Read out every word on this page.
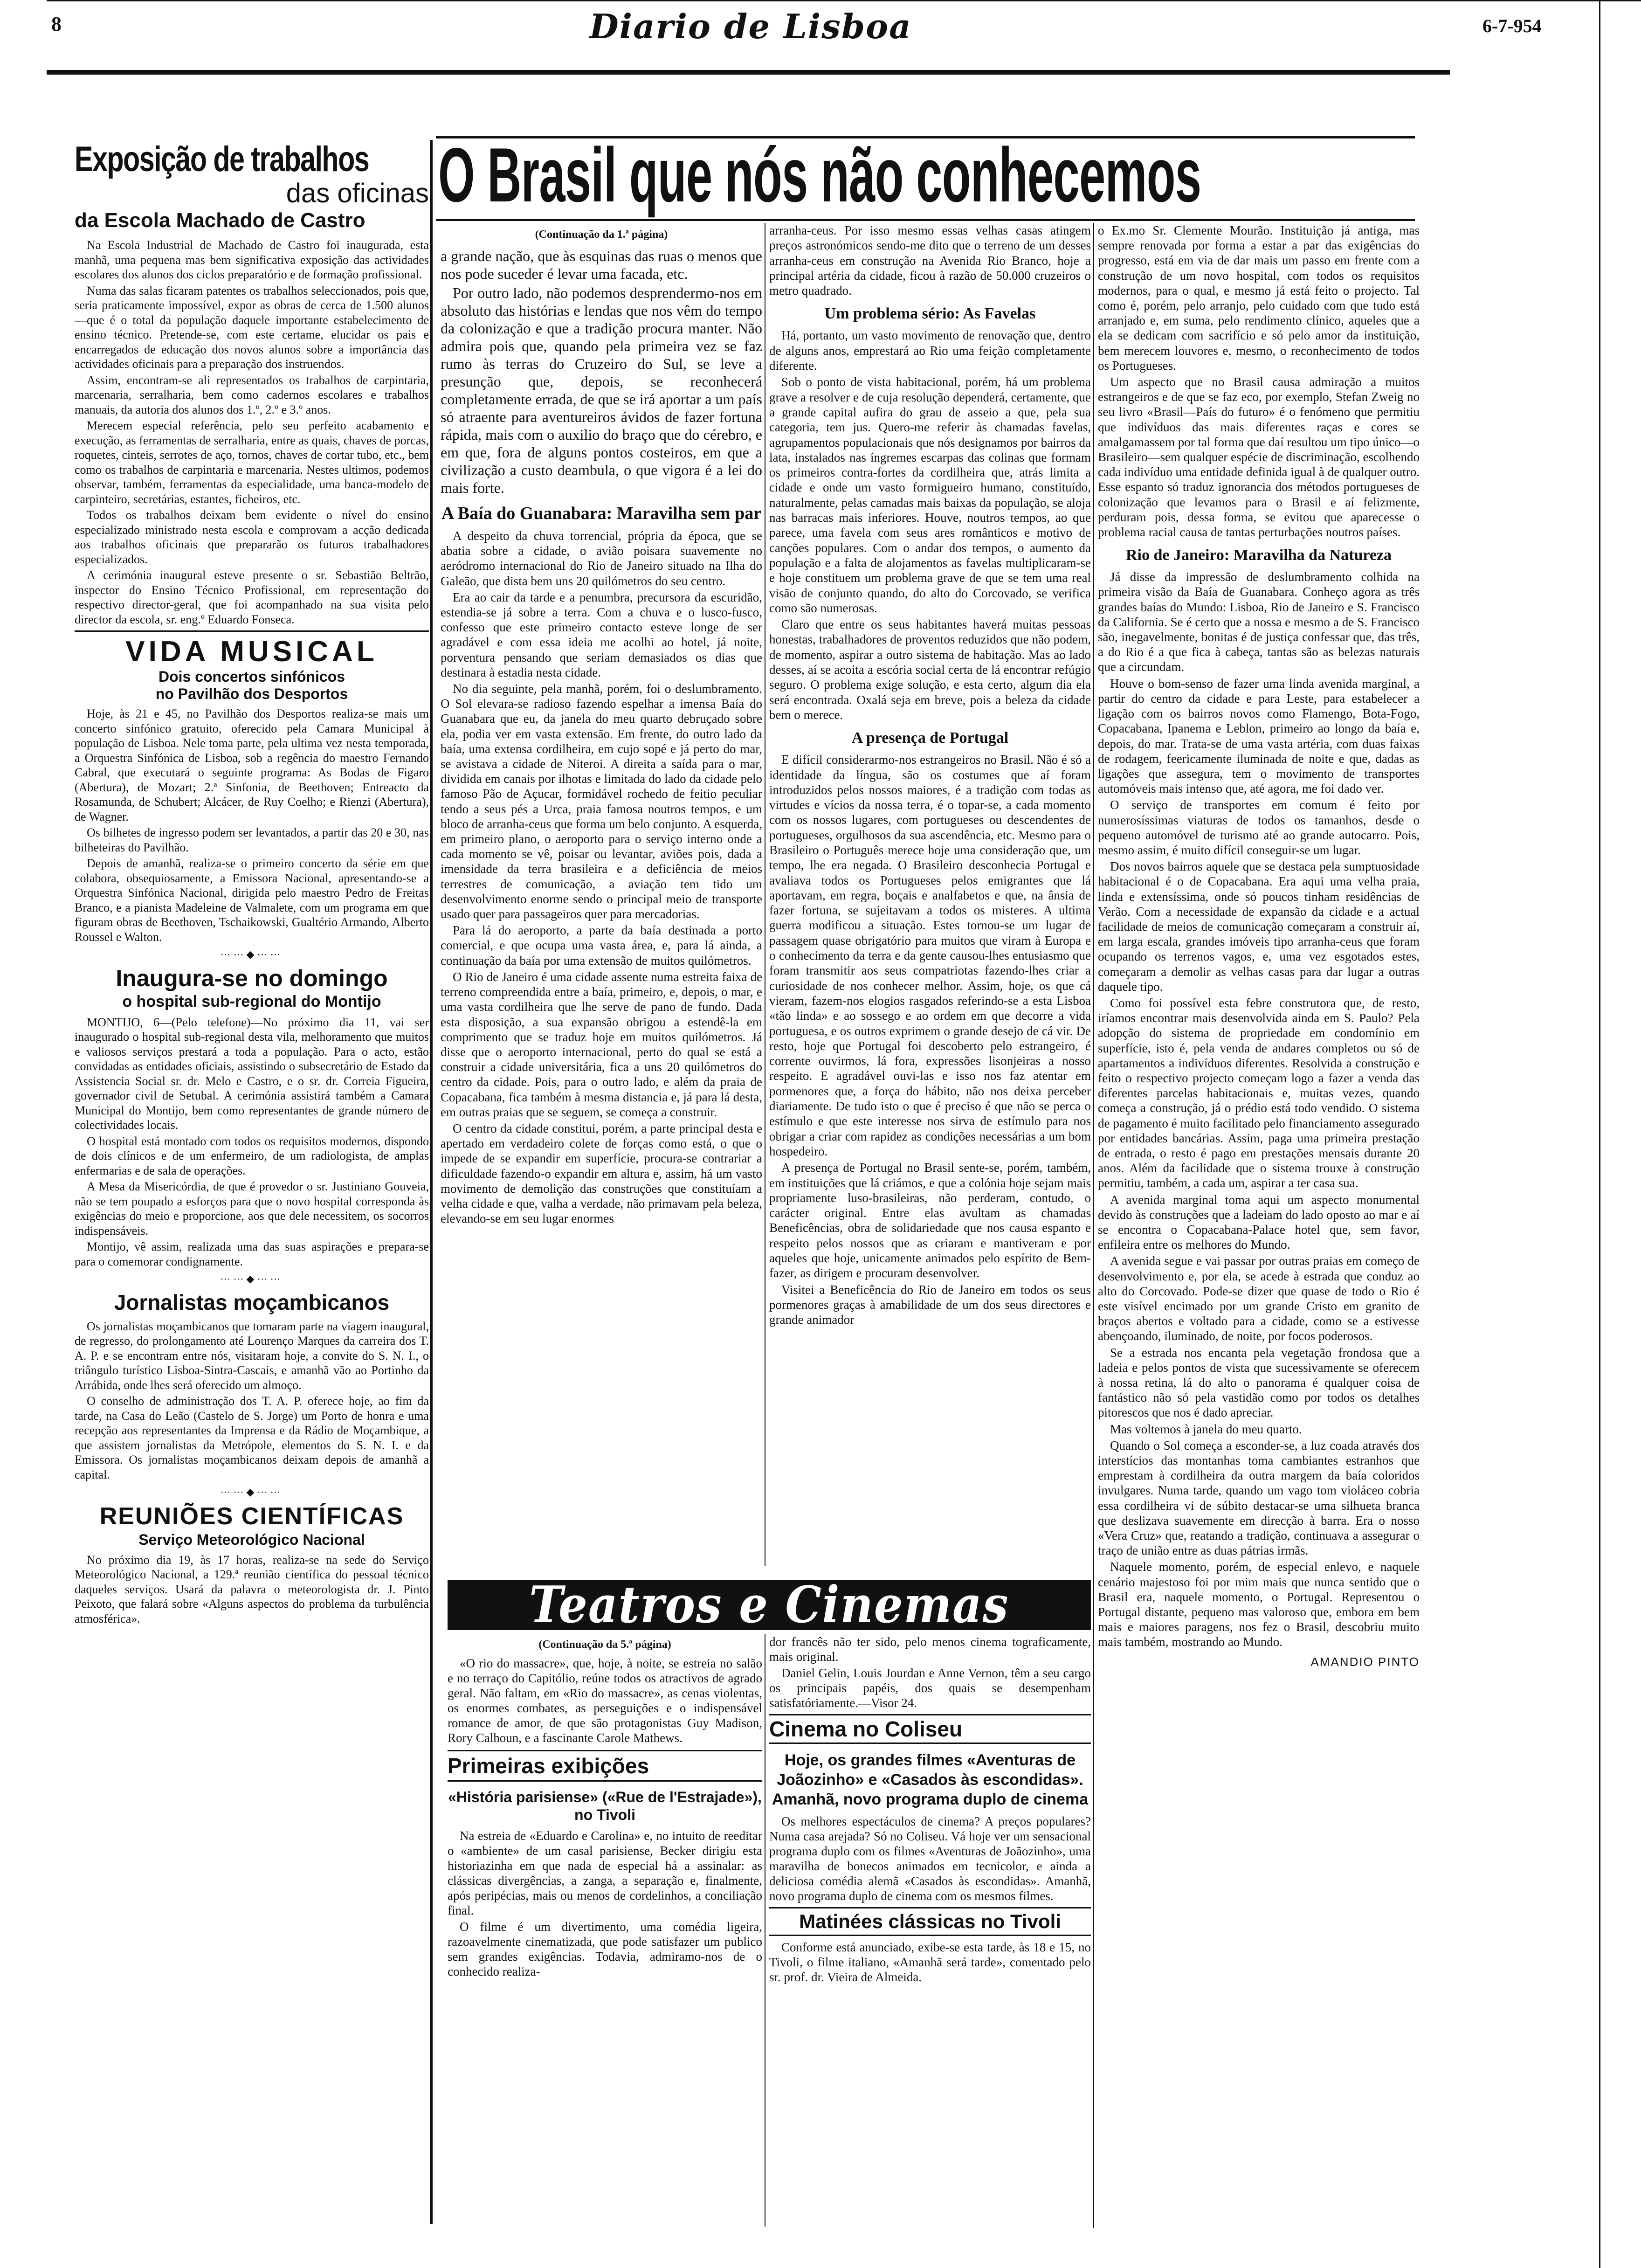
8	Diario de Lisboa	6-7-954
Exposição de trabalhos
das oficinas
da Escola Machado de Castro

Na Escola Industrial de Machado de Castro foi inaugurada, esta manhã, uma pequena mas bem significativa exposição das actividades escolares dos alunos dos ciclos preparatório e de formação profissional.

Numa das salas ficaram patentes os trabalhos seleccionados, pois que, seria praticamente impossível, expor as obras de cerca de 1.500 alunos—que é o total da população daquele importante estabelecimento de ensino técnico. Pretende-se, com este certame, elucidar os pais e encarregados de educação dos novos alunos sobre a importância das actividades oficinais para a preparação dos instruendos.

Assim, encontram-se ali representados os trabalhos de carpintaria, marcenaria, serralharia, bem como cadernos escolares e trabalhos manuais, da autoria dos alunos dos 1.º, 2.º e 3.º anos.

Merecem especial referência, pelo seu perfeito acabamento e execução, as ferramentas de serralharia, entre as quais, chaves de porcas, roquetes, cinteis, serrotes de aço, tornos, chaves de cortar tubo, etc., bem como os trabalhos de carpintaria e marcenaria. Nestes ultimos, podemos observar, também, ferramentas da especialidade, uma banca-modelo de carpinteiro, secretárias, estantes, ficheiros, etc.

Todos os trabalhos deixam bem evidente o nível do ensino especializado ministrado nesta escola e comprovam a acção dedicada aos trabalhos oficinais que prepararão os futuros trabalhadores especializados.

A cerimónia inaugural esteve presente o sr. Sebastião Beltrão, inspector do Ensino Técnico Profissional, em representação do respectivo director-geral, que foi acompanhado na sua visita pelo director da escola, sr. eng.º Eduardo Fonseca.

VIDA MUSICAL
Dois concertos sinfónicos
no Pavilhão dos Desportos

Hoje, às 21 e 45, no Pavilhão dos Desportos realiza-se mais um concerto sinfónico gratuito, oferecido pela Camara Municipal à população de Lisboa. Nele toma parte, pela ultima vez nesta temporada, a Orquestra Sinfónica de Lisboa, sob a regência do maestro Fernando Cabral, que executará o seguinte programa: As Bodas de Figaro (Abertura), de Mozart; 2.ª Sinfonia, de Beethoven; Entreacto da Rosamunda, de Schubert; Alcácer, de Ruy Coelho; e Rienzi (Abertura), de Wagner.

Os bilhetes de ingresso podem ser levantados, a partir das 20 e 30, nas bilheteiras do Pavilhão.

Depois de amanhã, realiza-se o primeiro concerto da série em que colabora, obsequiosamente, a Emissora Nacional, apresentando-se a Orquestra Sinfónica Nacional, dirigida pelo maestro Pedro de Freitas Branco, e a pianista Madeleine de Valmalete, com um programa em que figuram obras de Beethoven, Tschaikowski, Gualtério Armando, Alberto Roussel e Walton.

⋯⋯◆⋯⋯
Inaugura-se no domingo
o hospital sub-regional do Montijo

MONTIJO, 6—(Pelo telefone)—No próximo dia 11, vai ser inaugurado o hospital sub-regional desta vila, melhoramento que muitos e valiosos serviços prestará a toda a população. Para o acto, estão convidadas as entidades oficiais, assistindo o subsecretário de Estado da Assistencia Social sr. dr. Melo e Castro, e o sr. dr. Correia Figueira, governador civil de Setubal. A cerimónia assistirá também a Camara Municipal do Montijo, bem como representantes de grande número de colectividades locais.

O hospital está montado com todos os requisitos modernos, dispondo de dois clínicos e de um enfermeiro, de um radiologista, de amplas enfermarias e de sala de operações.

A Mesa da Misericórdia, de que é provedor o sr. Justiniano Gouveia, não se tem poupado a esforços para que o novo hospital corresponda às exigências do meio e proporcione, aos que dele necessitem, os socorros indispensáveis.

Montijo, vê assim, realizada uma das suas aspirações e prepara-se para o comemorar condignamente.

⋯⋯◆⋯⋯
Jornalistas moçambicanos

Os jornalistas moçambicanos que tomaram parte na viagem inaugural, de regresso, do prolongamento até Lourenço Marques da carreira dos T. A. P. e se encontram entre nós, visitaram hoje, a convite do S. N. I., o triângulo turístico Lisboa-Sintra-Cascais, e amanhã vão ao Portinho da Arrábida, onde lhes será oferecido um almoço.

O conselho de administração dos T. A. P. oferece hoje, ao fim da tarde, na Casa do Leão (Castelo de S. Jorge) um Porto de honra e uma recepção aos representantes da Imprensa e da Rádio de Moçambique, a que assistem jornalistas da Metrópole, elementos do S. N. I. e da Emissora. Os jornalistas moçambicanos deixam depois de amanhã a capital.

⋯⋯◆⋯⋯
REUNIÕES CIENTÍFICAS
Serviço Meteorológico Nacional

No próximo dia 19, às 17 horas, realiza-se na sede do Serviço Meteorológico Nacional, a 129.ª reunião científica do pessoal técnico daqueles serviços. Usará da palavra o meteorologista dr. J. Pinto Peixoto, que falará sobre «Alguns aspectos do problema da turbulência atmosférica».

O Brasil que nós não conhecemos
(Continuação da 1.ª página)

a grande nação, que às esquinas das ruas o menos que nos pode suceder é levar uma facada, etc.

Por outro lado, não podemos desprendermo-nos em absoluto das histórias e lendas que nos vêm do tempo da colonização e que a tradição procura manter. Não admira pois que, quando pela primeira vez se faz rumo às terras do Cruzeiro do Sul, se leve a presunção que, depois, se reconhecerá completamente errada, de que se irá aportar a um país só atraente para aventureiros ávidos de fazer fortuna rápida, mais com o auxilio do braço que do cérebro, e em que, fora de alguns pontos costeiros, em que a civilização a custo deambula, o que vigora é a lei do mais forte.

A Baía do Guanabara: Maravilha sem par

A despeito da chuva torrencial, própria da época, que se abatia sobre a cidade, o avião poisara suavemente no aeródromo internacional do Rio de Janeiro situado na Ilha do Galeão, que dista bem uns 20 quilómetros do seu centro.

Era ao cair da tarde e a penumbra, precursora da escuridão, estendia-se já sobre a terra. Com a chuva e o lusco-fusco, confesso que este primeiro contacto esteve longe de ser agradável e com essa ideia me acolhi ao hotel, já noite, porventura pensando que seriam demasiados os dias que destinara à estadia nesta cidade.

No dia seguinte, pela manhã, porém, foi o deslumbramento. O Sol elevara-se radioso fazendo espelhar a imensa Baía do Guanabara que eu, da janela do meu quarto debruçado sobre ela, podia ver em vasta extensão. Em frente, do outro lado da baía, uma extensa cordilheira, em cujo sopé e já perto do mar, se avistava a cidade de Niteroi. A direita a saída para o mar, dividida em canais por ilhotas e limitada do lado da cidade pelo famoso Pão de Açucar, formidável rochedo de feitio peculiar tendo a seus pés a Urca, praia famosa noutros tempos, e um bloco de arranha-ceus que forma um belo conjunto. A esquerda, em primeiro plano, o aeroporto para o serviço interno onde a cada momento se vê, poisar ou levantar, aviões pois, dada a imensidade da terra brasileira e a deficiência de meios terrestres de comunicação, a aviação tem tido um desenvolvimento enorme sendo o principal meio de transporte usado quer para passageiros quer para mercadorias.

Para lá do aeroporto, a parte da baía destinada a porto comercial, e que ocupa uma vasta área, e, para lá ainda, a continuação da baía por uma extensão de muitos quilómetros.

O Rio de Janeiro é uma cidade assente numa estreita faixa de terreno compreendida entre a baía, primeiro, e, depois, o mar, e uma vasta cordilheira que lhe serve de pano de fundo. Dada esta disposição, a sua expansão obrigou a estendê-la em comprimento que se traduz hoje em muitos quilómetros. Já disse que o aeroporto internacional, perto do qual se está a construir a cidade universitária, fica a uns 20 quilómetros do centro da cidade. Pois, para o outro lado, e além da praia de Copacabana, fica também à mesma distancia e, já para lá desta, em outras praias que se seguem, se começa a construir.

O centro da cidade constitui, porém, a parte principal desta e apertado em verdadeiro colete de forças como está, o que o impede de se expandir em superfície, procura-se contrariar a dificuldade fazendo-o expandir em altura e, assim, há um vasto movimento de demolição das construções que constituíam a velha cidade e que, valha a verdade, não primavam pela beleza, elevando-se em seu lugar enormes

arranha-ceus. Por isso mesmo essas velhas casas atingem preços astronómicos sendo-me dito que o terreno de um desses arranha-ceus em construção na Avenida Rio Branco, hoje a principal artéria da cidade, ficou à razão de 50.000 cruzeiros o metro quadrado.

Um problema sério: As Favelas

Há, portanto, um vasto movimento de renovação que, dentro de alguns anos, emprestará ao Rio uma feição completamente diferente.

Sob o ponto de vista habitacional, porém, há um problema grave a resolver e de cuja resolução dependerá, certamente, que a grande capital aufira do grau de asseio a que, pela sua categoria, tem jus. Quero-me referir às chamadas favelas, agrupamentos populacionais que nós designamos por bairros da lata, instalados nas íngremes escarpas das colinas que formam os primeiros contra-fortes da cordilheira que, atrás limita a cidade e onde um vasto formigueiro humano, constituído, naturalmente, pelas camadas mais baixas da população, se aloja nas barracas mais inferiores. Houve, noutros tempos, ao que parece, uma favela com seus ares românticos e motivo de canções populares. Com o andar dos tempos, o aumento da população e a falta de alojamentos as favelas multiplicaram-se e hoje constituem um problema grave de que se tem uma real visão de conjunto quando, do alto do Corcovado, se verifica como são numerosas.

Claro que entre os seus habitantes haverá muitas pessoas honestas, trabalhadores de proventos reduzidos que não podem, de momento, aspirar a outro sistema de habitação. Mas ao lado desses, aí se acoita a escória social certa de lá encontrar refúgio seguro. O problema exige solução, e esta certo, algum dia ela será encontrada. Oxalá seja em breve, pois a beleza da cidade bem o merece.

A presença de Portugal

E difícil considerarmo-nos estrangeiros no Brasil. Não é só a identidade da língua, são os costumes que aí foram introduzidos pelos nossos maiores, é a tradição com todas as virtudes e vícios da nossa terra, é o topar-se, a cada momento com os nossos lugares, com portugueses ou descendentes de portugueses, orgulhosos da sua ascendência, etc. Mesmo para o Brasileiro o Português merece hoje uma consideração que, um tempo, lhe era negada. O Brasileiro desconhecia Portugal e avaliava todos os Portugueses pelos emigrantes que lá aportavam, em regra, boçais e analfabetos e que, na ânsia de fazer fortuna, se sujeitavam a todos os misteres. A ultima guerra modificou a situação. Estes tornou-se um lugar de passagem quase obrigatório para muitos que viram à Europa e o conhecimento da terra e da gente causou-lhes entusiasmo que foram transmitir aos seus compatriotas fazendo-lhes criar a curiosidade de nos conhecer melhor. Assim, hoje, os que cá vieram, fazem-nos elogios rasgados referindo-se a esta Lisboa «tão linda» e ao sossego e ao ordem em que decorre a vida portuguesa, e os outros exprimem o grande desejo de cá vir. De resto, hoje que Portugal foi descoberto pelo estrangeiro, é corrente ouvirmos, lá fora, expressões lisonjeiras a nosso respeito. E agradável ouvi-las e isso nos faz atentar em pormenores que, a força do hábito, não nos deixa perceber diariamente. De tudo isto o que é preciso é que não se perca o estímulo e que este interesse nos sirva de estímulo para nos obrigar a criar com rapidez as condições necessárias a um bom hospedeiro.

A presença de Portugal no Brasil sente-se, porém, também, em instituições que lá criámos, e que a colónia hoje sejam mais propriamente luso-brasileiras, não perderam, contudo, o carácter original. Entre elas avultam as chamadas Beneficências, obra de solidariedade que nos causa espanto e respeito pelos nossos que as criaram e mantiveram e por aqueles que hoje, unicamente animados pelo espírito de Bem-fazer, as dirigem e procuram desenvolver.

Visitei a Beneficência do Rio de Janeiro em todos os seus pormenores graças à amabilidade de um dos seus directores e grande animador

o Ex.mo Sr. Clemente Mourão. Instituição já antiga, mas sempre renovada por forma a estar a par das exigências do progresso, está em via de dar mais um passo em frente com a construção de um novo hospital, com todos os requisitos modernos, para o qual, e mesmo já está feito o projecto. Tal como é, porém, pelo arranjo, pelo cuidado com que tudo está arranjado e, em suma, pelo rendimento clínico, aqueles que a ela se dedicam com sacrifício e só pelo amor da instituição, bem merecem louvores e, mesmo, o reconhecimento de todos os Portugueses.

Um aspecto que no Brasil causa admiração a muitos estrangeiros e de que se faz eco, por exemplo, Stefan Zweig no seu livro «Brasil—País do futuro» é o fenómeno que permitiu que indivíduos das mais diferentes raças e cores se amalgamassem por tal forma que daí resultou um tipo único—o Brasileiro—sem qualquer espécie de discriminação, escolhendo cada indivíduo uma entidade definida igual à de qualquer outro. Esse espanto só traduz ignorancia dos métodos portugueses de colonização que levamos para o Brasil e aí felizmente, perduram pois, dessa forma, se evitou que aparecesse o problema racial causa de tantas perturbações noutros países.

Rio de Janeiro: Maravilha da Natureza

Já disse da impressão de deslumbramento colhida na primeira visão da Baía de Guanabara. Conheço agora as três grandes baías do Mundo: Lisboa, Rio de Janeiro e S. Francisco da California. Se é certo que a nossa e mesmo a de S. Francisco são, inegavelmente, bonitas é de justiça confessar que, das três, a do Rio é a que fica à cabeça, tantas são as belezas naturais que a circundam.

Houve o bom-senso de fazer uma linda avenida marginal, a partir do centro da cidade e para Leste, para estabelecer a ligação com os bairros novos como Flamengo, Bota-Fogo, Copacabana, Ipanema e Leblon, primeiro ao longo da baía e, depois, do mar. Trata-se de uma vasta artéria, com duas faixas de rodagem, feericamente iluminada de noite e que, dadas as ligações que assegura, tem o movimento de transportes automóveis mais intenso que, até agora, me foi dado ver.

O serviço de transportes em comum é feito por numerosíssimas viaturas de todos os tamanhos, desde o pequeno automóvel de turismo até ao grande autocarro. Pois, mesmo assim, é muito difícil conseguir-se um lugar.

Dos novos bairros aquele que se destaca pela sumptuosidade habitacional é o de Copacabana. Era aqui uma velha praia, linda e extensíssima, onde só poucos tinham residências de Verão. Com a necessidade de expansão da cidade e a actual facilidade de meios de comunicação começaram a construir aí, em larga escala, grandes imóveis tipo arranha-ceus que foram ocupando os terrenos vagos, e, uma vez esgotados estes, começaram a demolir as velhas casas para dar lugar a outras daquele tipo.

Como foi possível esta febre construtora que, de resto, iríamos encontrar mais desenvolvida ainda em S. Paulo? Pela adopção do sistema de propriedade em condomínio em superfície, isto é, pela venda de andares completos ou só de apartamentos a indivíduos diferentes. Resolvida a construção e feito o respectivo projecto começam logo a fazer a venda das diferentes parcelas habitacionais e, muitas vezes, quando começa a construção, já o prédio está todo vendido. O sistema de pagamento é muito facilitado pelo financiamento assegurado por entidades bancárias. Assim, paga uma primeira prestação de entrada, o resto é pago em prestações mensais durante 20 anos. Além da facilidade que o sistema trouxe à construção permitiu, também, a cada um, aspirar a ter casa sua.

A avenida marginal toma aqui um aspecto monumental devido às construções que a ladeiam do lado oposto ao mar e aí se encontra o Copacabana-Palace hotel que, sem favor, enfileira entre os melhores do Mundo.

A avenida segue e vai passar por outras praias em começo de desenvolvimento e, por ela, se acede à estrada que conduz ao alto do Corcovado. Pode-se dizer que quase de todo o Rio é este visível encimado por um grande Cristo em granito de braços abertos e voltado para a cidade, como se a estivesse abençoando, iluminado, de noite, por focos poderosos.

Se a estrada nos encanta pela vegetação frondosa que a ladeia e pelos pontos de vista que sucessivamente se oferecem à nossa retina, lá do alto o panorama é qualquer coisa de fantástico não só pela vastidão como por todos os detalhes pitorescos que nos é dado apreciar.

Mas voltemos à janela do meu quarto.

Quando o Sol começa a esconder-se, a luz coada através dos interstícios das montanhas toma cambiantes estranhos que emprestam à cordilheira da outra margem da baía coloridos invulgares. Numa tarde, quando um vago tom violáceo cobria essa cordilheira vi de súbito destacar-se uma silhueta branca que deslizava suavemente em direcção à barra. Era o nosso «Vera Cruz» que, reatando a tradição, continuava a assegurar o traço de união entre as duas pátrias irmãs.

Naquele momento, porém, de especial enlevo, e naquele cenário majestoso foi por mim mais que nunca sentido que o Brasil era, naquele momento, o Portugal. Representou o Portugal distante, pequeno mas valoroso que, embora em bem mais e maiores paragens, nos fez o Brasil, descobriu muito mais também, mostrando ao Mundo.

AMANDIO PINTO
Teatros e Cinemas
(Continuação da 5.ª página)

«O rio do massacre», que, hoje, à noite, se estreia no salão e no terraço do Capitólio, reúne todos os atractivos de agrado geral. Não faltam, em «Rio do massacre», as cenas violentas, os enormes combates, as perseguições e o indispensável romance de amor, de que são protagonistas Guy Madison, Rory Calhoun, e a fascinante Carole Mathews.

Primeiras exibições
«História parisiense» («Rue de l'Estrajade»), no Tivoli

Na estreia de «Eduardo e Carolina» e, no intuito de reeditar o «ambiente» de um casal parisiense, Becker dirigiu esta historiazinha em que nada de especial há a assinalar: as clássicas divergências, a zanga, a separação e, finalmente, após peripécias, mais ou menos de cordelinhos, a conciliação final.

O filme é um divertimento, uma comédia ligeira, razoavelmente cinematizada, que pode satisfazer um publico sem grandes exigências. Todavia, admiramo-nos de o conhecido realiza-

dor francês não ter sido, pelo menos cinema tograficamente, mais original.

Daniel Gelin, Louis Jourdan e Anne Vernon, têm a seu cargo os principais papéis, dos quais se desempenham satisfatóriamente.—Visor 24.

Cinema no Coliseu
Hoje, os grandes filmes «Aventuras de Joãozinho» e «Casados às escondidas». Amanhã, novo programa duplo de cinema

Os melhores espectáculos de cinema? A preços populares? Numa casa arejada? Só no Coliseu. Vá hoje ver um sensacional programa duplo com os filmes «Aventuras de Joãozinho», uma maravilha de bonecos animados em tecnicolor, e ainda a deliciosa comédia alemã «Casados às escondidas». Amanhã, novo programa duplo de cinema com os mesmos filmes.

Matinées clássicas no Tivoli

Conforme está anunciado, exibe-se esta tarde, às 18 e 15, no Tivoli, o filme italiano, «Amanhã será tarde», comentado pelo sr. prof. dr. Vieira de Almeida.
